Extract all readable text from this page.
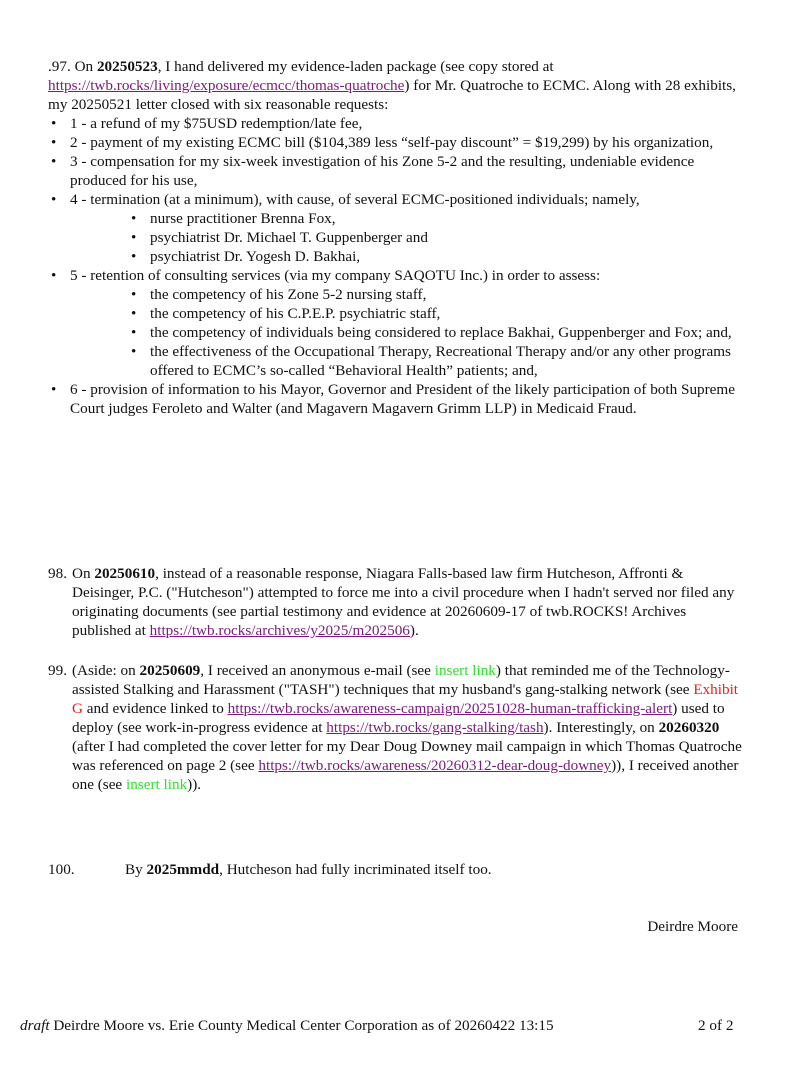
.97. On 20250523, I hand delivered my evidence-laden package (see copy stored at https://twb.rocks/living/exposure/ecmcc/thomas-quatroche) for Mr. Quatroche to ECMC. Along with 28 exhibits, my 20250521 letter closed with six reasonable requests:
• 1 - a refund of my $75USD redemption/late fee,
• 2 - payment of my existing ECMC bill ($104,389 less “self-pay discount” = $19,299) by his organization,
• 3 - compensation for my six-week investigation of his Zone 5-2 and the resulting, undeniable evidence produced for his use,
• 4 - termination (at a minimum), with cause, of several ECMC-positioned individuals; namely,
• nurse practitioner Brenna Fox,
• psychiatrist Dr. Michael T. Guppenberger and
• psychiatrist Dr. Yogesh D. Bakhai,
• 5 - retention of consulting services (via my company SAQOTU Inc.) in order to assess:
• the competency of his Zone 5-2 nursing staff,
• the competency of his C.P.E.P. psychiatric staff,
• the competency of individuals being considered to replace Bakhai, Guppenberger and Fox; and,
• the effectiveness of the Occupational Therapy, Recreational Therapy and/or any other programs offered to ECMC’s so-called “Behavioral Health” patients; and,
• 6 - provision of information to his Mayor, Governor and President of the likely participation of both Supreme Court judges Feroleto and Walter (and Magavern Magavern Grimm LLP) in Medicaid Fraud.
98. On 20250610, instead of a reasonable response, Niagara Falls-based law firm Hutcheson, Affronti & Deisinger, P.C. ("Hutcheson") attempted to force me into a civil procedure when I hadn't served nor filed any originating documents (see partial testimony and evidence at 20260609-17 of twb.ROCKS! Archives published at https://twb.rocks/archives/y2025/m202506).
99. (Aside: on 20250609, I received an anonymous e-mail (see insert link) that reminded me of the Technology-assisted Stalking and Harassment ("TASH") techniques that my husband's gang-stalking network (see Exhibit G and evidence linked to https://twb.rocks/awareness-campaign/20251028-human-trafficking-alert) used to deploy (see work-in-progress evidence at https://twb.rocks/gang-stalking/tash). Interestingly, on 20260320 (after I had completed the cover letter for my Dear Doug Downey mail campaign in which Thomas Quatroche was referenced on page 2 (see https://twb.rocks/awareness/20260312-dear-doug-downey)), I received another one (see insert link)).
100.	By 2025mmdd, Hutcheson had fully incriminated itself too.
Deirdre Moore
draft Deirdre Moore vs. Erie County Medical Center Corporation as of 20260422 13:15	2 of 2
